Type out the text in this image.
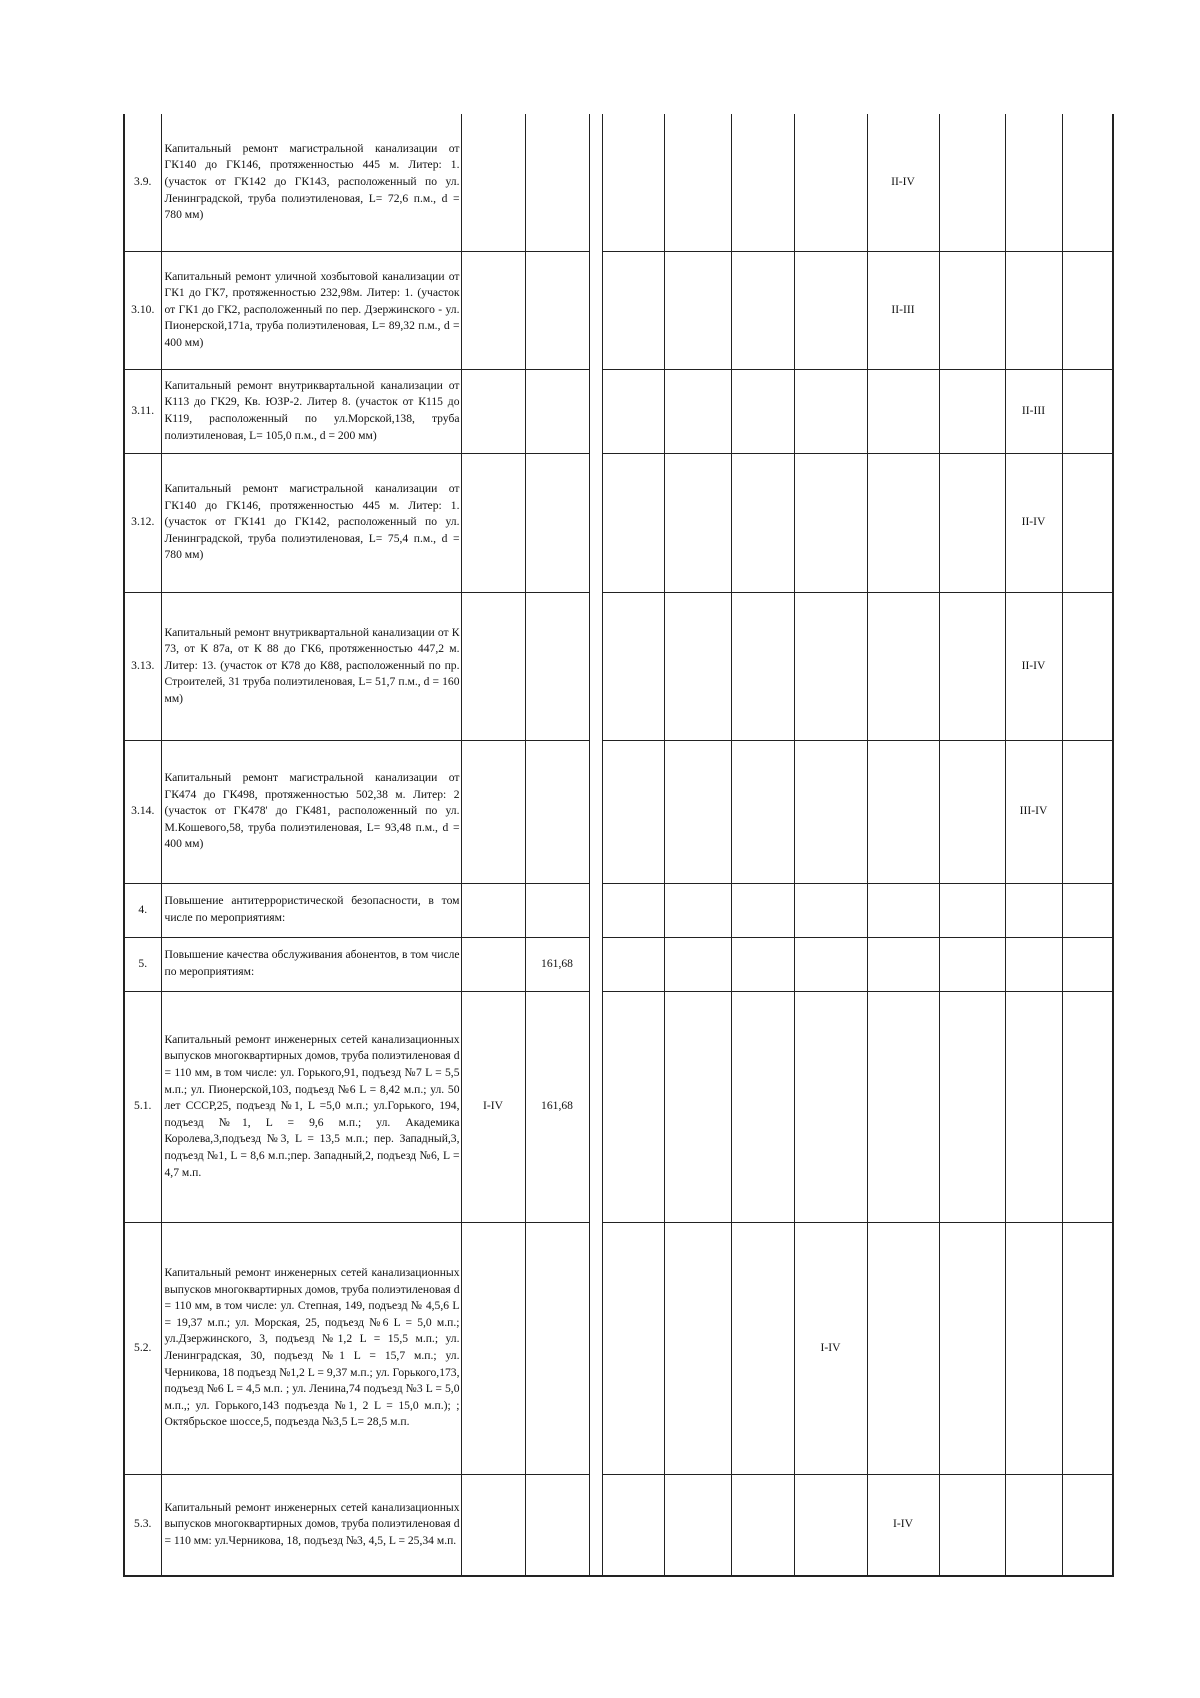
3.9.	Капитальный ремонт магистральной канализации от ГК140 до ГК146, протяженностью 445 м. Литер: 1. (участок от ГК142 до ГК143, расположенный по ул. Ленинградской, труба полиэтиленовая, L= 72,6 п.м., d = 780 мм)								II-IV			
3.10.	Капитальный ремонт уличной хозбытовой канализации от ГК1 до ГК7, протяженностью 232,98м. Литер: 1. (участок от ГК1 до ГК2, расположенный по пер. Дзержинского - ул. Пионерской,171а, труба полиэтиленовая, L= 89,32 п.м., d = 400 мм)								II-III			
3.11.	Капитальный ремонт внутриквартальной канализации от К113 до ГК29, Кв. ЮЗР-2. Литер 8. (участок от К115 до К119, расположенный по ул.Морской,138, труба полиэтиленовая, L= 105,0 п.м., d = 200 мм)										II-III	
3.12.	Капитальный ремонт магистральной канализации от ГК140 до ГК146, протяженностью 445 м. Литер: 1. (участок от ГК141 до ГК142, расположенный по ул. Ленинградской, труба полиэтиленовая, L= 75,4 п.м., d = 780 мм)										II-IV	
3.13.	Капитальный ремонт внутриквартальной канализации от К 73, от К 87а, от К 88 до ГК6, протяженностью 447,2 м. Литер: 13. (участок от К78 до К88, расположенный по пр. Строителей, 31 труба полиэтиленовая, L= 51,7 п.м., d = 160 мм)										II-IV	
3.14.	Капитальный ремонт магистральной канализации от ГК474 до ГК498, протяженностью 502,38 м. Литер: 2 (участок от ГК478' до ГК481, расположенный по ул. М.Кошевого,58, труба полиэтиленовая, L= 93,48 п.м., d = 400 мм)										III-IV	
4.	Повышение антитеррористической безопасности, в том числе по мероприятиям:											
5.	Повышение качества обслуживания абонентов, в том числе по мероприятиям:		161,68									
5.1.	Капитальный ремонт инженерных сетей канализационных выпусков многоквартирных домов, труба полиэтиленовая d = 110 мм, в том числе: ул. Горького,91, подъезд №7 L = 5,5 м.п.; ул. Пионерской,103, подъезд №6 L = 8,42 м.п.; ул. 50 лет СССР,25, подъезд №1, L =5,0 м.п.; ул.Горького, 194, подъезд №1, L = 9,6 м.п.; ул. Академика Королева,3,подъезд №3, L = 13,5 м.п.; пер. Западный,3, подъезд №1, L = 8,6 м.п.;пер. Западный,2, подъезд №6, L = 4,7 м.п.	I-IV	161,68									
5.2.	Капитальный ремонт инженерных сетей канализационных выпусков многоквартирных домов, труба полиэтиленовая d = 110 мм, в том числе: ул. Степная, 149, подъезд № 4,5,6 L = 19,37 м.п.; ул. Морская, 25, подъезд №6 L = 5,0 м.п.; ул.Дзержинского, 3, подъезд №1,2 L = 15,5 м.п.; ул. Ленинградская, 30, подъезд №1 L = 15,7 м.п.; ул. Черникова, 18 подъезд №1,2 L = 9,37 м.п.; ул. Горького,173, подъезд №6 L = 4,5 м.п. ; ул. Ленина,74 подъезд №3 L = 5,0 м.п.,; ул. Горького,143 подъезда №1, 2 L = 15,0 м.п.); ; Октябрьское шоссе,5, подъезда №3,5 L= 28,5 м.п.							I-IV				
5.3.	Капитальный ремонт инженерных сетей канализационных выпусков многоквартирных домов, труба полиэтиленовая d = 110 мм: ул.Черникова, 18, подъезд №3, 4,5, L = 25,34 м.п.								I-IV			
